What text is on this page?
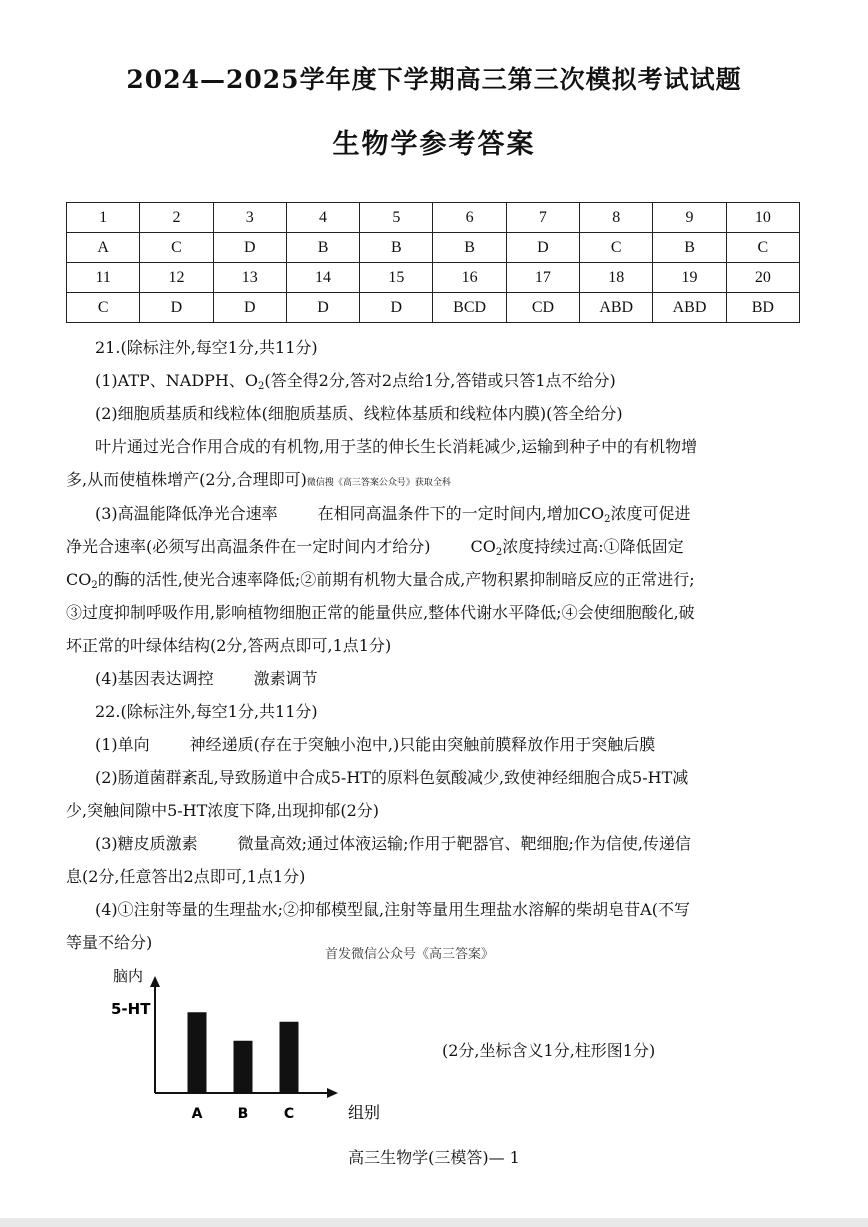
2024—2025学年度下学期高三第三次模拟考试试题
生物学参考答案
1	2	3	4	5	6	7	8	9	10
A	C	D	B	B	B	D	C	B	C
11	12	13	14	15	16	17	18	19	20
C	D	D	D	D	BCD	CD	ABD	ABD	BD
21.(除标注外,每空1分,共11分)
(1)ATP、NADPH、$O_2$(答全得2分,答对2点给1分,答错或只答1点不给分)
(2)细胞质基质和线粒体(细胞质基质、线粒体基质和线粒体内膜)(答全给分)
叶片通过光合作用合成的有机物,用于茎的伸长生长消耗减少,运输到种子中的有机物增
多,从而使植株增产(2分,合理即可)微信搜《高三答案公众号》获取全科
(3)高温能降低净光合速率	在相同高温条件下的一定时间内,增加$CO_2$浓度可促进
净光合速率(必须写出高温条件在一定时间内才给分)	$CO_2$浓度持续过高:①降低固定
$CO_2$的酶的活性,使光合速率降低;②前期有机物大量合成,产物积累抑制暗反应的正常进行;
③过度抑制呼吸作用,影响植物细胞正常的能量供应,整体代谢水平降低;④会使细胞酸化,破
坏正常的叶绿体结构(2分,答两点即可,1点1分)
(4)基因表达调控	激素调节
22.(除标注外,每空1分,共11分)
(1)单向	神经递质(存在于突触小泡中,)只能由突触前膜释放作用于突触后膜
(2)肠道菌群紊乱,导致肠道中合成5-HT的原料色氨酸减少,致使神经细胞合成5-HT减
少,突触间隙中5-HT浓度下降,出现抑郁(2分)
(3)糖皮质激素	微量高效;通过体液运输;作用于靶器官、靶细胞;作为信使,传递信
息(2分,任意答出2点即可,1点1分)
(4)①注射等量的生理盐水;②抑郁模型鼠,注射等量用生理盐水溶解的柴胡皂苷A(不写
等量不给分)
首发微信公众号《高三答案》
脑内
5-HT
A	B	C	组别
(2分,坐标含义1分,柱形图1分)
高三生物学(三模答)— 1
